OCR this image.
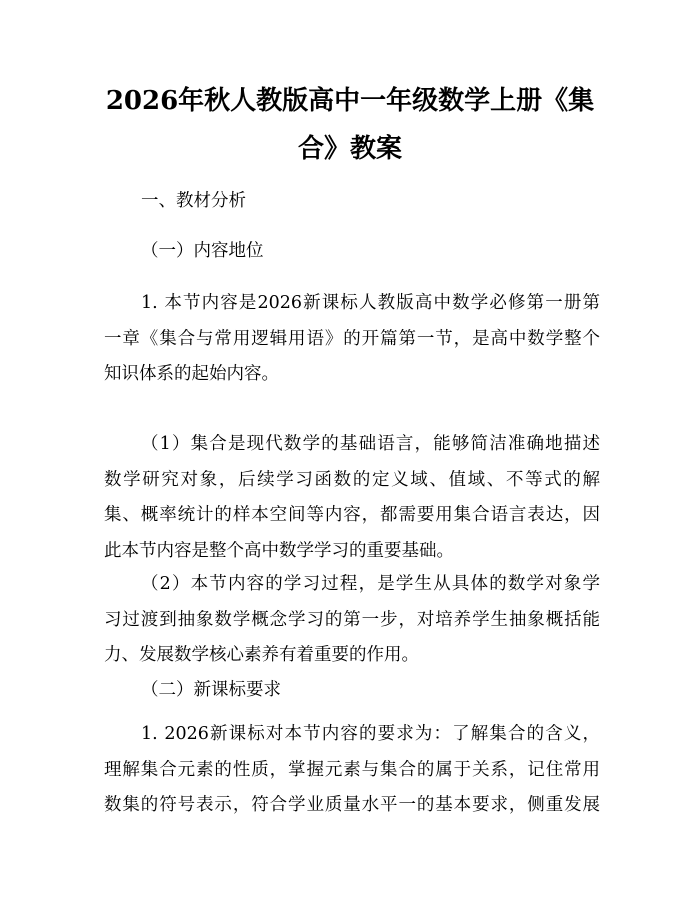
2026年秋人教版高中一年级数学上册《集
合》教案
一、教材分析
（一）内容地位
1. 本节内容是2026新课标人教版高中数学必修第一册第
一章《集合与常用逻辑用语》的开篇第一节，是高中数学整个
知识体系的起始内容。
（1）集合是现代数学的基础语言，能够简洁准确地描述
数学研究对象，后续学习函数的定义域、值域、不等式的解
集、概率统计的样本空间等内容，都需要用集合语言表达，因
此本节内容是整个高中数学学习的重要基础。
（2）本节内容的学习过程，是学生从具体的数学对象学
习过渡到抽象数学概念学习的第一步，对培养学生抽象概括能
力、发展数学核心素养有着重要的作用。
（二）新课标要求
1. 2026新课标对本节内容的要求为：了解集合的含义，
理解集合元素的性质，掌握元素与集合的属于关系，记住常用
数集的符号表示，符合学业质量水平一的基本要求，侧重发展
